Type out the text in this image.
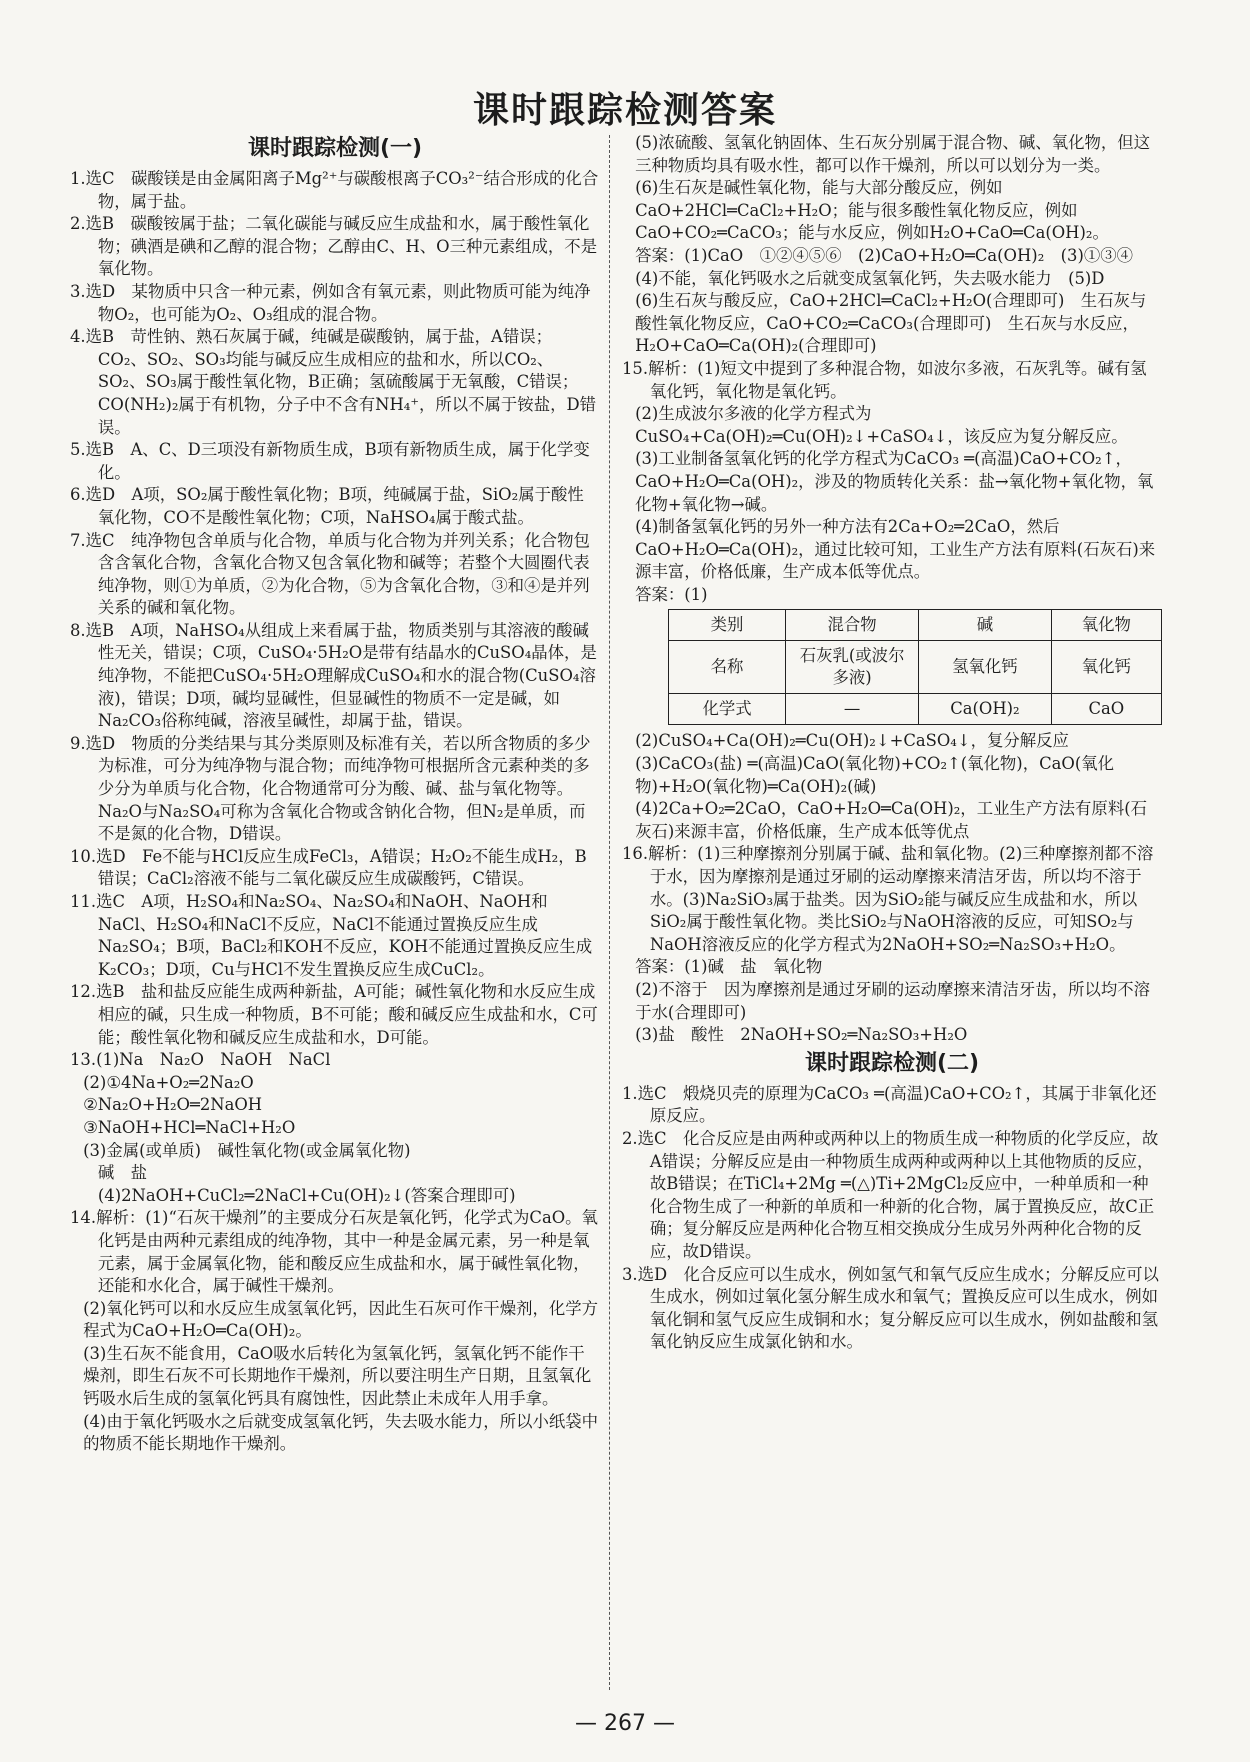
课时跟踪检测答案
课时跟踪检测(一)

1.选C　碳酸镁是由金属阳离子Mg²⁺与碳酸根离子CO₃²⁻结合形成的化合物，属于盐。

2.选B　碳酸铵属于盐；二氧化碳能与碱反应生成盐和水，属于酸性氧化物；碘酒是碘和乙醇的混合物；乙醇由C、H、O三种元素组成，不是氧化物。

3.选D　某物质中只含一种元素，例如含有氧元素，则此物质可能为纯净物O₂，也可能为O₂、O₃组成的混合物。

4.选B　苛性钠、熟石灰属于碱，纯碱是碳酸钠，属于盐，A错误；CO₂、SO₂、SO₃均能与碱反应生成相应的盐和水，所以CO₂、SO₂、SO₃属于酸性氧化物，B正确；氢硫酸属于无氧酸，C错误；CO(NH₂)₂属于有机物，分子中不含有NH₄⁺，所以不属于铵盐，D错误。

5.选B　A、C、D三项没有新物质生成，B项有新物质生成，属于化学变化。

6.选D　A项，SO₂属于酸性氧化物；B项，纯碱属于盐，SiO₂属于酸性氧化物，CO不是酸性氧化物；C项，NaHSO₄属于酸式盐。

7.选C　纯净物包含单质与化合物，单质与化合物为并列关系；化合物包含含氧化合物，含氧化合物又包含氧化物和碱等；若整个大圆圈代表纯净物，则①为单质，②为化合物，⑤为含氧化合物，③和④是并列关系的碱和氧化物。

8.选B　A项，NaHSO₄从组成上来看属于盐，物质类别与其溶液的酸碱性无关，错误；C项，CuSO₄·5H₂O是带有结晶水的CuSO₄晶体，是纯净物，不能把CuSO₄·5H₂O理解成CuSO₄和水的混合物(CuSO₄溶液)，错误；D项，碱均显碱性，但显碱性的物质不一定是碱，如Na₂CO₃俗称纯碱，溶液呈碱性，却属于盐，错误。

9.选D　物质的分类结果与其分类原则及标准有关，若以所含物质的多少为标准，可分为纯净物与混合物；而纯净物可根据所含元素种类的多少分为单质与化合物，化合物通常可分为酸、碱、盐与氧化物等。Na₂O与Na₂SO₄可称为含氧化合物或含钠化合物，但N₂是单质，而不是氮的化合物，D错误。

10.选D　Fe不能与HCl反应生成FeCl₃，A错误；H₂O₂不能生成H₂，B错误；CaCl₂溶液不能与二氧化碳反应生成碳酸钙，C错误。

11.选C　A项，H₂SO₄和Na₂SO₄、Na₂SO₄和NaOH、NaOH和NaCl、H₂SO₄和NaCl不反应，NaCl不能通过置换反应生成Na₂SO₄；B项，BaCl₂和KOH不反应，KOH不能通过置换反应生成K₂CO₃；D项，Cu与HCl不发生置换反应生成CuCl₂。

12.选B　盐和盐反应能生成两种新盐，A可能；碱性氧化物和水反应生成相应的碱，只生成一种物质，B不可能；酸和碱反应生成盐和水，C可能；酸性氧化物和碱反应生成盐和水，D可能。

13.(1)Na　Na₂O　NaOH　NaCl

(2)①4Na+O₂═2Na₂O

②Na₂O+H₂O═2NaOH

③NaOH+HCl═NaCl+H₂O

(3)金属(或单质)　碱性氧化物(或金属氧化物)

碱　盐

(4)2NaOH+CuCl₂═2NaCl+Cu(OH)₂↓(答案合理即可)

14.解析：(1)“石灰干燥剂”的主要成分石灰是氧化钙，化学式为CaO。氧化钙是由两种元素组成的纯净物，其中一种是金属元素，另一种是氧元素，属于金属氧化物，能和酸反应生成盐和水，属于碱性氧化物，还能和水化合，属于碱性干燥剂。

(2)氧化钙可以和水反应生成氢氧化钙，因此生石灰可作干燥剂，化学方程式为CaO+H₂O═Ca(OH)₂。

(3)生石灰不能食用，CaO吸水后转化为氢氧化钙，氢氧化钙不能作干燥剂，即生石灰不可长期地作干燥剂，所以要注明生产日期，且氢氧化钙吸水后生成的氢氧化钙具有腐蚀性，因此禁止未成年人用手拿。

(4)由于氧化钙吸水之后就变成氢氧化钙，失去吸水能力，所以小纸袋中的物质不能长期地作干燥剂。

(5)浓硫酸、氢氧化钠固体、生石灰分别属于混合物、碱、氧化物，但这三种物质均具有吸水性，都可以作干燥剂，所以可以划分为一类。

(6)生石灰是碱性氧化物，能与大部分酸反应，例如CaO+2HCl═CaCl₂+H₂O；能与很多酸性氧化物反应，例如CaO+CO₂═CaCO₃；能与水反应，例如H₂O+CaO═Ca(OH)₂。

答案：(1)CaO　①②④⑤⑥　(2)CaO+H₂O═Ca(OH)₂　(3)①③④　(4)不能，氧化钙吸水之后就变成氢氧化钙，失去吸水能力　(5)D

(6)生石灰与酸反应，CaO+2HCl═CaCl₂+H₂O(合理即可)　生石灰与酸性氧化物反应，CaO+CO₂═CaCO₃(合理即可)　生石灰与水反应，H₂O+CaO═Ca(OH)₂(合理即可)

15.解析：(1)短文中提到了多种混合物，如波尔多液，石灰乳等。碱有氢氧化钙，氧化物是氧化钙。

(2)生成波尔多液的化学方程式为CuSO₄+Ca(OH)₂═Cu(OH)₂↓+CaSO₄↓，该反应为复分解反应。

(3)工业制备氢氧化钙的化学方程式为CaCO₃ ═(高温)CaO+CO₂↑，CaO+H₂O═Ca(OH)₂，涉及的物质转化关系：盐→氧化物+氧化物，氧化物+氧化物→碱。

(4)制备氢氧化钙的另外一种方法有2Ca+O₂═2CaO，然后CaO+H₂O═Ca(OH)₂，通过比较可知，工业生产方法有原料(石灰石)来源丰富，价格低廉，生产成本低等优点。

答案：(1)

类别	混合物	碱	氧化物
名称	石灰乳(或波尔多液)	氢氧化钙	氧化钙
化学式	—	Ca(OH)₂	CaO

(2)CuSO₄+Ca(OH)₂═Cu(OH)₂↓+CaSO₄↓，复分解反应

(3)CaCO₃(盐) ═(高温)CaO(氧化物)+CO₂↑(氧化物)，CaO(氧化物)+H₂O(氧化物)═Ca(OH)₂(碱)

(4)2Ca+O₂═2CaO，CaO+H₂O═Ca(OH)₂，工业生产方法有原料(石灰石)来源丰富，价格低廉，生产成本低等优点

16.解析：(1)三种摩擦剂分别属于碱、盐和氧化物。(2)三种摩擦剂都不溶于水，因为摩擦剂是通过牙刷的运动摩擦来清洁牙齿，所以均不溶于水。(3)Na₂SiO₃属于盐类。因为SiO₂能与碱反应生成盐和水，所以SiO₂属于酸性氧化物。类比SiO₂与NaOH溶液的反应，可知SO₂与NaOH溶液反应的化学方程式为2NaOH+SO₂═Na₂SO₃+H₂O。

答案：(1)碱　盐　氧化物

(2)不溶于　因为摩擦剂是通过牙刷的运动摩擦来清洁牙齿，所以均不溶于水(合理即可)

(3)盐　酸性　2NaOH+SO₂═Na₂SO₃+H₂O

课时跟踪检测(二)

1.选C　煅烧贝壳的原理为CaCO₃ ═(高温)CaO+CO₂↑，其属于非氧化还原反应。

2.选C　化合反应是由两种或两种以上的物质生成一种物质的化学反应，故A错误；分解反应是由一种物质生成两种或两种以上其他物质的反应，故B错误；在TiCl₄+2Mg ═(△)Ti+2MgCl₂反应中，一种单质和一种化合物生成了一种新的单质和一种新的化合物，属于置换反应，故C正确；复分解反应是两种化合物互相交换成分生成另外两种化合物的反应，故D错误。

3.选D　化合反应可以生成水，例如氢气和氧气反应生成水；分解反应可以生成水，例如过氧化氢分解生成水和氧气；置换反应可以生成水，例如氧化铜和氢气反应生成铜和水；复分解反应可以生成水，例如盐酸和氢氧化钠反应生成氯化钠和水。

— 267 —
